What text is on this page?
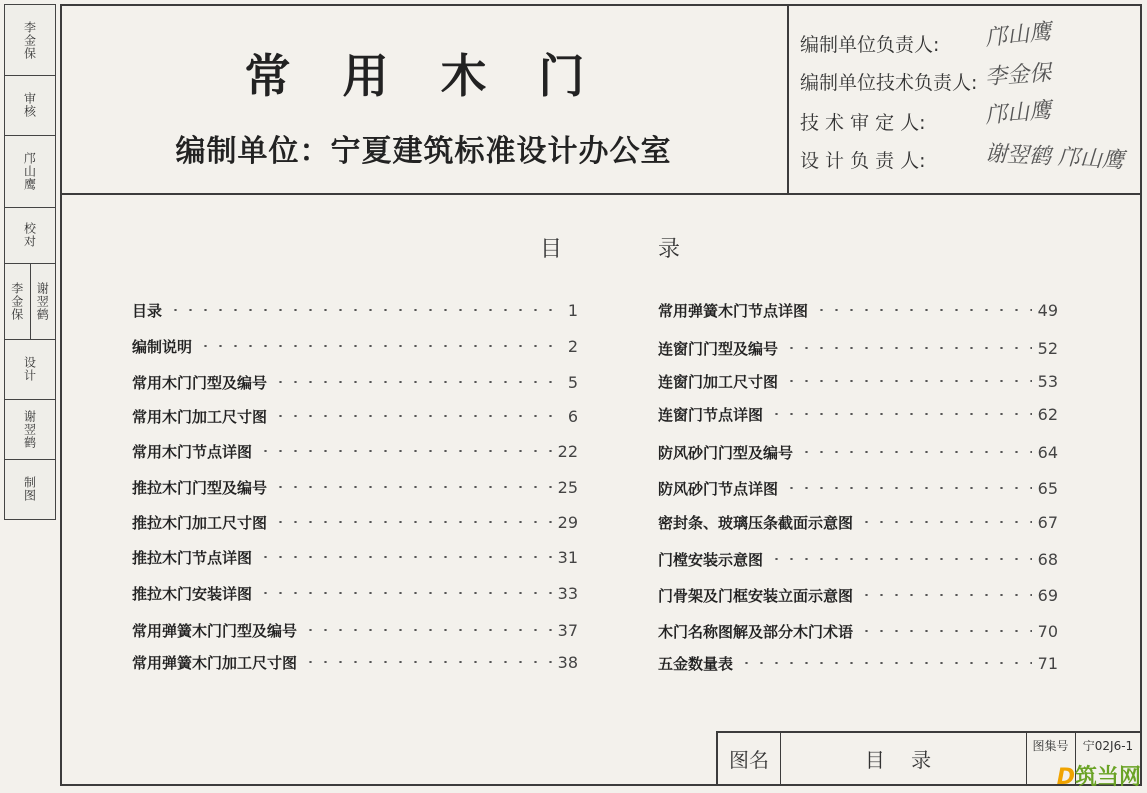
李金保
审核
邝山鹰
校对
李金保 谢翌鹤
设计
谢翌鹤
制图
常 用 木 门
编制单位：宁夏建筑标准设计办公室
编制单位负责人: 邝山鹰
编制单位技术负责人: 李金保
技 术 审 定 人:	邝山鹰
设 计 负 责 人:	谢翌鹤 邝山鹰
目	录
目录	1
编制说明	2
常用木门门型及编号	5
常用木门加工尺寸图	6
常用木门节点详图	22
推拉木门门型及编号	25
推拉木门加工尺寸图	29
推拉木门节点详图	31
推拉木门安装详图	33
常用弹簧木门门型及编号	37
常用弹簧木门加工尺寸图	38
常用弹簧木门节点详图	49
连窗门门型及编号	52
连窗门加工尺寸图	53
连窗门节点详图	62
防风砂门门型及编号	64
防风砂门节点详图	65
密封条、玻璃压条截面示意图	67
门樘安装示意图	68
门骨架及门框安装立面示意图	69
木门名称图解及部分木门术语	70
五金数量表	71
图名	目 录
图集号	宁02J6-1
D筑当网
